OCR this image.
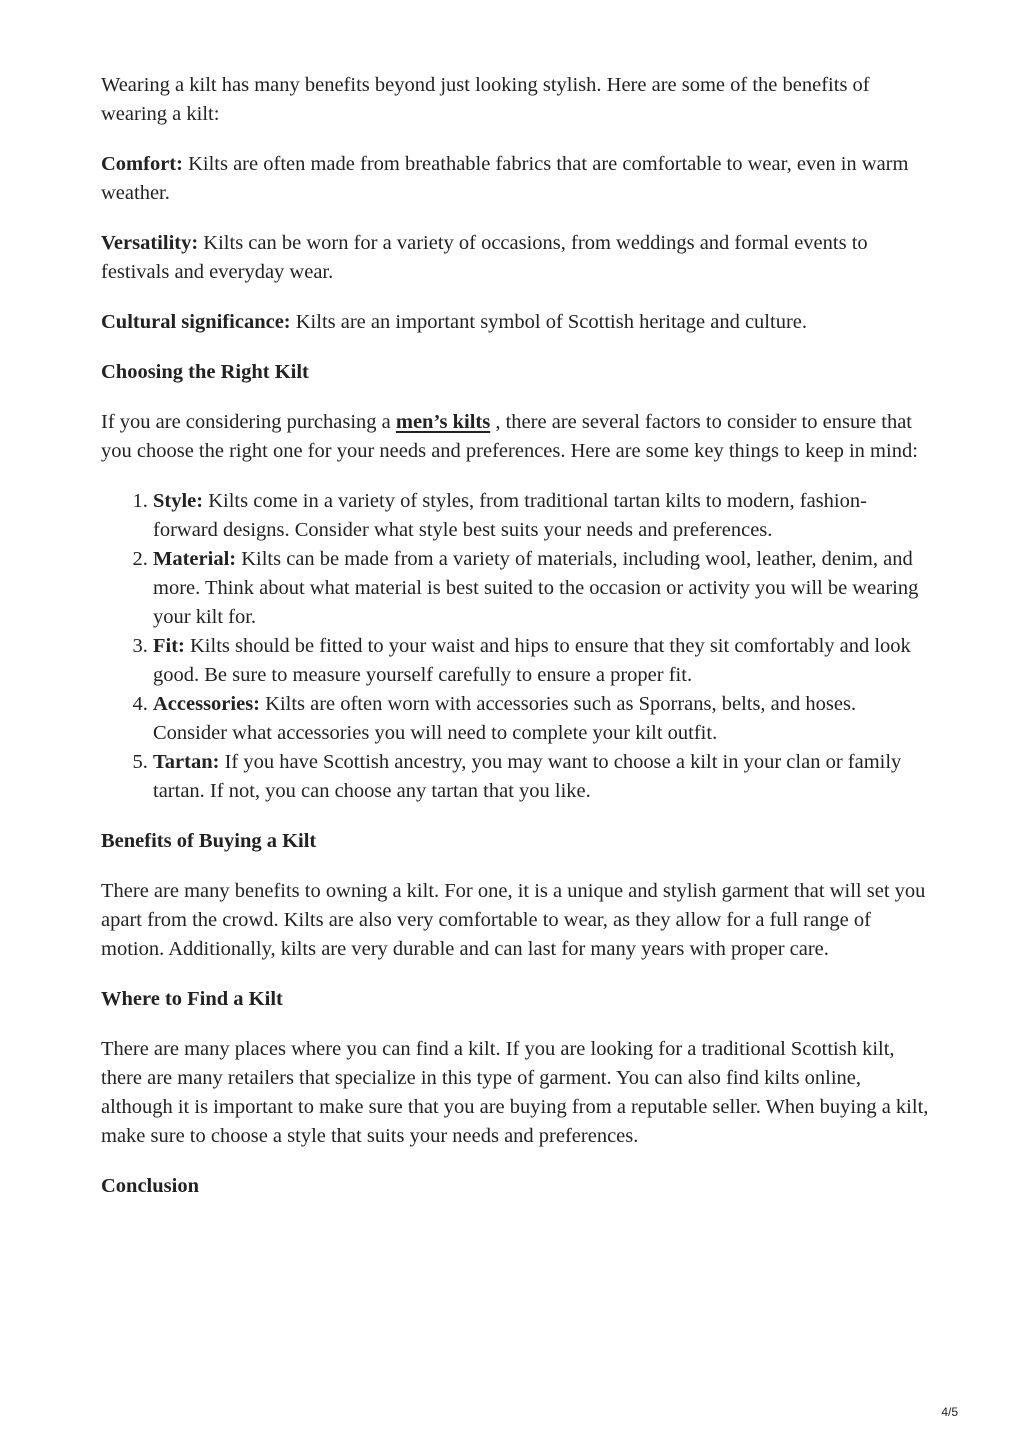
Wearing a kilt has many benefits beyond just looking stylish. Here are some of the benefits of wearing a kilt:

Comfort: Kilts are often made from breathable fabrics that are comfortable to wear, even in warm weather.

Versatility: Kilts can be worn for a variety of occasions, from weddings and formal events to festivals and everyday wear.

Cultural significance: Kilts are an important symbol of Scottish heritage and culture.

Choosing the Right Kilt

If you are considering purchasing a men’s kilts , there are several factors to consider to ensure that you choose the right one for your needs and preferences. Here are some key things to keep in mind:

1. Style: Kilts come in a variety of styles, from traditional tartan kilts to modern, fashion-forward designs. Consider what style best suits your needs and preferences.
2. Material: Kilts can be made from a variety of materials, including wool, leather, denim, and more. Think about what material is best suited to the occasion or activity you will be wearing your kilt for.
3. Fit: Kilts should be fitted to your waist and hips to ensure that they sit comfortably and look good. Be sure to measure yourself carefully to ensure a proper fit.
4. Accessories: Kilts are often worn with accessories such as Sporrans, belts, and hoses. Consider what accessories you will need to complete your kilt outfit.
5. Tartan: If you have Scottish ancestry, you may want to choose a kilt in your clan or family tartan. If not, you can choose any tartan that you like.

Benefits of Buying a Kilt

There are many benefits to owning a kilt. For one, it is a unique and stylish garment that will set you apart from the crowd. Kilts are also very comfortable to wear, as they allow for a full range of motion. Additionally, kilts are very durable and can last for many years with proper care.

Where to Find a Kilt

There are many places where you can find a kilt. If you are looking for a traditional Scottish kilt, there are many retailers that specialize in this type of garment. You can also find kilts online, although it is important to make sure that you are buying from a reputable seller. When buying a kilt, make sure to choose a style that suits your needs and preferences.

Conclusion

4/5
